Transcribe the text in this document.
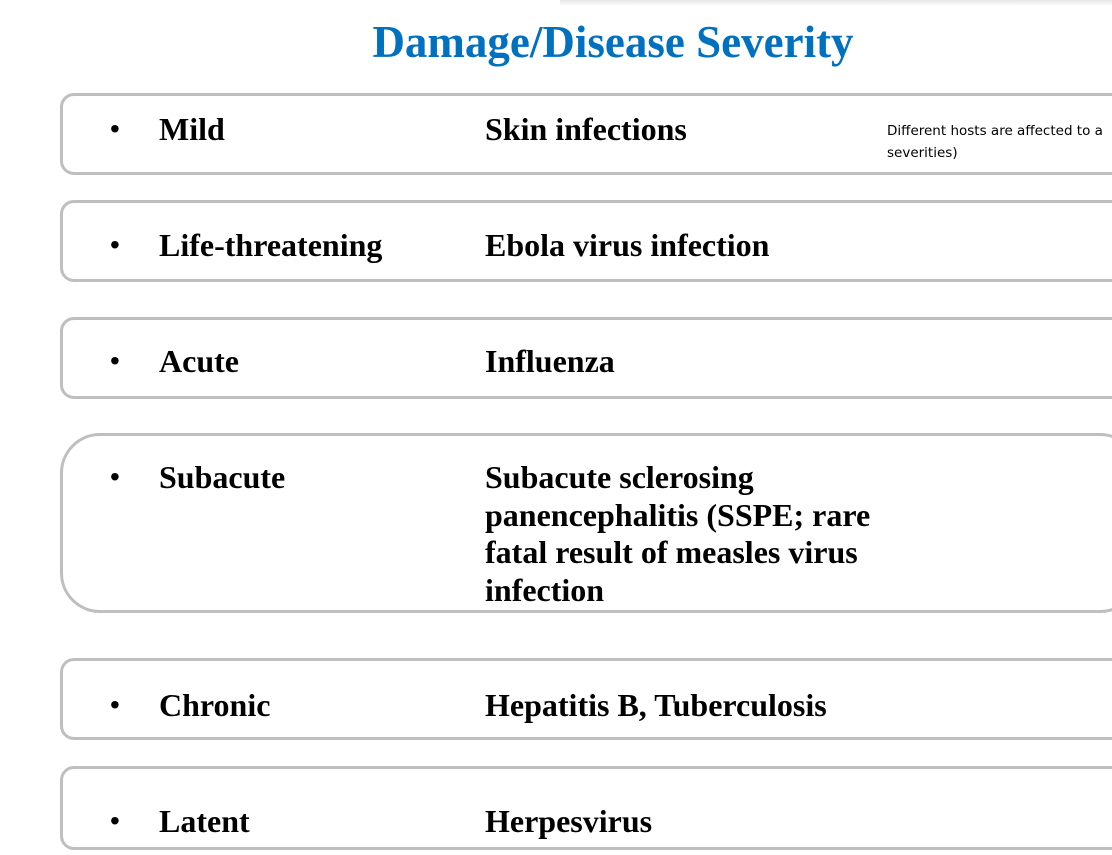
Damage/Disease Severity
• Mild	Skin infections	Different hosts are affected to a
severities)
• Life-threatening	Ebola virus infection
• Acute	Influenza
• Subacute	Subacute sclerosing
panencephalitis (SSPE; rare
fatal result of measles virus
infection
• Chronic	Hepatitis B, Tuberculosis
• Latent	Herpesvirus
